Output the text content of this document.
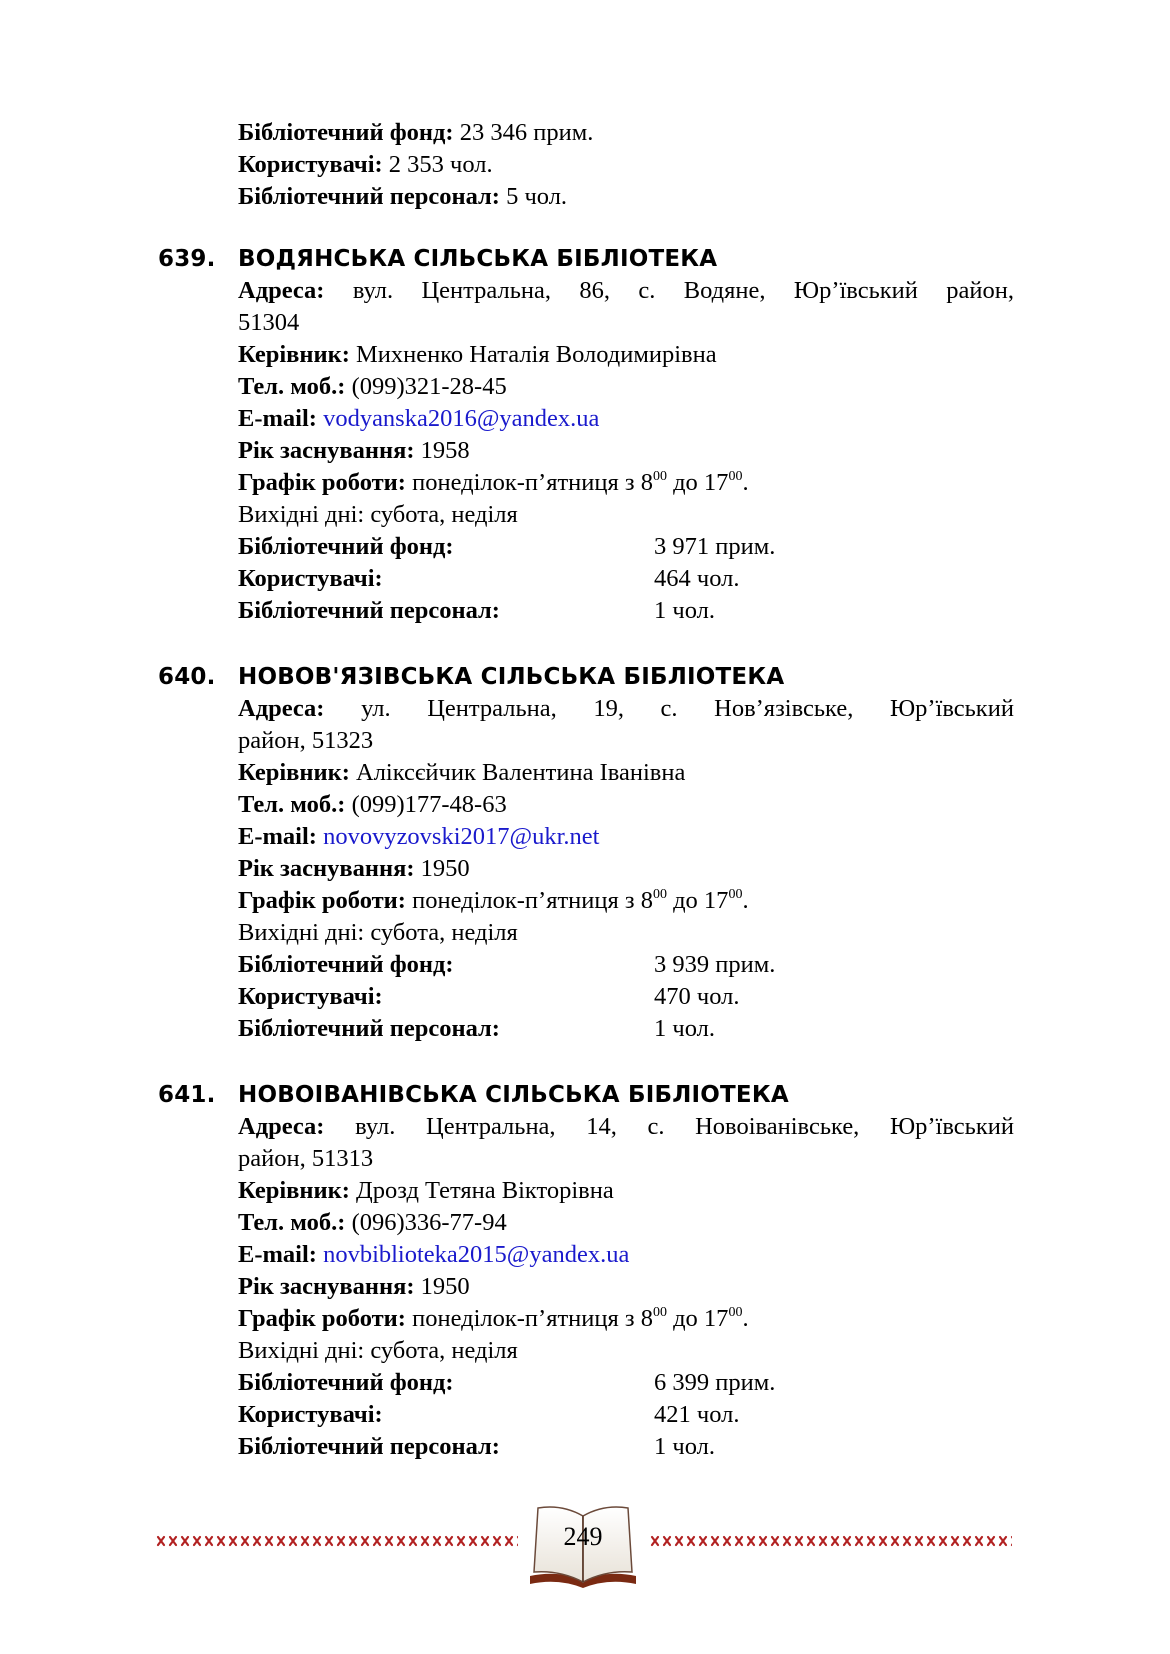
Бібліотечний фонд: 23 346 прим.
Користувачі: 2 353 чол.
Бібліотечний персонал: 5 чол.
639. ВОДЯНСЬКА СІЛЬСЬКА БІБЛІОТЕКА
Адреса: вул. Центральна, 86, с. Водяне, Юр’ївський район,
51304
Керівник: Михненко Наталія Володимирівна
Тел. моб.: (099)321-28-45
E-mail: vodyanska2016@yandex.ua
Рік заснування: 1958
Графік роботи: понеділок-п’ятниця з $8^{00}$ до $17^{00}$.
Вихідні дні: субота, неділя
Бібліотечний фонд:	3 971 прим.
Користувачі:	464 чол.
Бібліотечний персонал:	1 чол.
640. НОВОВ'ЯЗІВСЬКА СІЛЬСЬКА БІБЛІОТЕКА
Адреса: ул. Центральна, 19, с. Нов’язівське, Юр’ївський
район, 51323
Керівник: Аліксєйчик Валентина Іванівна
Тел. моб.: (099)177-48-63
E-mail: novovyzovski2017@ukr.net
Рік заснування: 1950
Графік роботи: понеділок-п’ятниця з $8^{00}$ до $17^{00}$.
Вихідні дні: субота, неділя
Бібліотечний фонд:	3 939 прим.
Користувачі:	470 чол.
Бібліотечний персонал:	1 чол.
641. НОВОІВАНІВСЬКА СІЛЬСЬКА БІБЛІОТЕКА
Адреса: вул. Центральна, 14, с. Новоіванівське, Юр’ївський
район, 51313
Керівник: Дрозд Тетяна Вікторівна
Тел. моб.: (096)336-77-94
E-mail: novbiblioteka2015@yandex.ua
Рік заснування: 1950
Графік роботи: понеділок-п’ятниця з $8^{00}$ до $17^{00}$.
Вихідні дні: субота, неділя
Бібліотечний фонд:	6 399 прим.
Користувачі:	421 чол.
Бібліотечний персонал:	1 чол.
249
